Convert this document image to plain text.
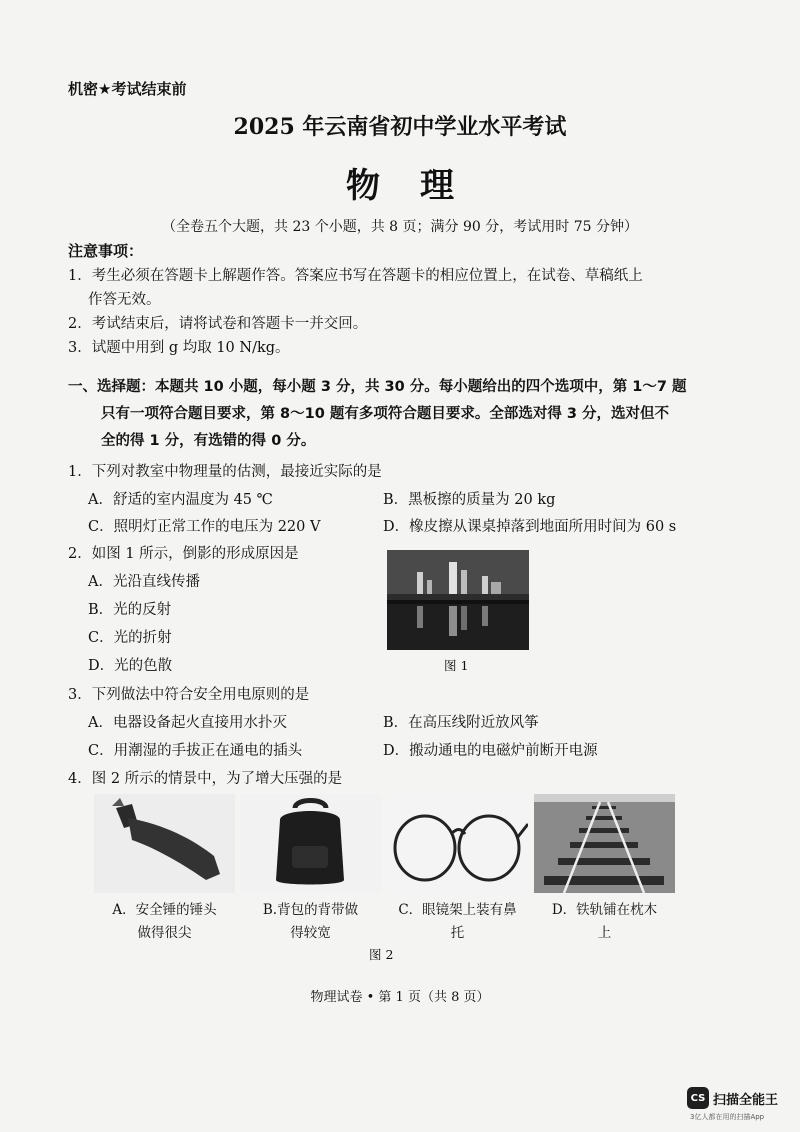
机密★考试结束前
2025 年云南省初中学业水平考试
物理
（全卷五个大题，共 23 个小题，共 8 页；满分 90 分，考试用时 75 分钟）
注意事项：
1．考生必须在答题卡上解题作答。答案应书写在答题卡的相应位置上，在试卷、草稿纸上
作答无效。
2．考试结束后，请将试卷和答题卡一并交回。
3．试题中用到 g 均取 10 N/kg。
一、选择题：本题共 10 小题，每小题 3 分，共 30 分。每小题给出的四个选项中，第 1～7 题
只有一项符合题目要求，第 8～10 题有多项符合题目要求。全部选对得 3 分，选对但不
全的得 1 分，有选错的得 0 分。
1．下列对教室中物理量的估测，最接近实际的是
A．舒适的室内温度为 45 ℃	B．黑板擦的质量为 20 kg
C．照明灯正常工作的电压为 220 V	D．橡皮擦从课桌掉落到地面所用时间为 60 s
2．如图 1 所示，倒影的形成原因是
A．光沿直线传播
B．光的反射
C．光的折射
D．光的色散	图 1
3．下列做法中符合安全用电原则的是
A．电器设备起火直接用水扑灭	B．在高压线附近放风筝
C．用潮湿的手拔正在通电的插头	D．搬动通电的电磁炉前断开电源
4．图 2 所示的情景中，为了增大压强的是
A．安全锤的锤头
做得很尖
B.背包的背带做
得较宽
C．眼镜架上装有鼻
托
D．铁轨铺在枕木
上
图 2
物理试卷 • 第 1 页（共 8 页）
CS 扫描全能王
3亿人都在用的扫描App
